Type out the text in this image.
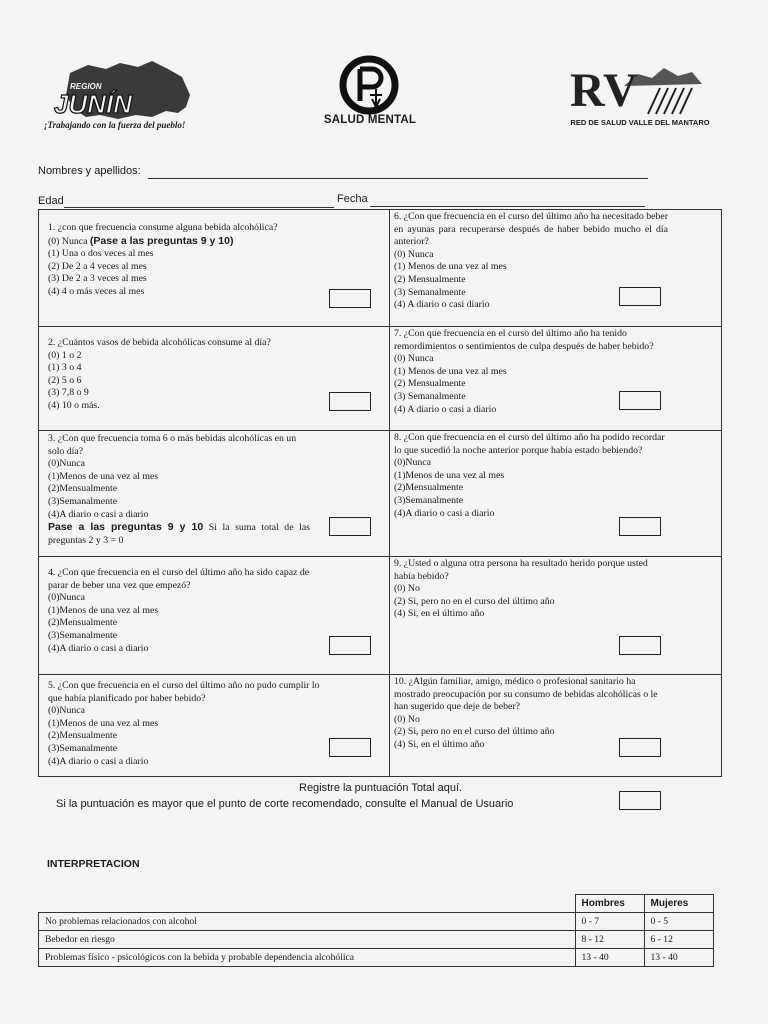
REGION
JUNÍN
¡Trabajando con la fuerza del pueblo!	SALUD MENTAL
RV
RED DE SALUD VALLE DEL MANTARO
Nombres y apellidos:
Edad	Fecha

1. ¿con que frecuencia consume alguna bebida alcohólica?

(0) Nunca (Pase a las preguntas 9 y 10)

(1) Una o dos veces al mes

(2) De 2 a 4 veces al mes

(3) De 2 a 3 veces al mes

(4) 4 o más veces al mes

2. ¿Cuántos vasos de bebida alcohólicas consume al día?

(0) 1 o 2

(1) 3 o 4

(2) 5 o 6

(3) 7,8 o 9

(4) 10 o más.

3. ¿Con que frecuencia toma 6 o más bebidas alcohólicas en un solo día?

(0)Nunca

(1)Menos de una vez al mes

(2)Mensualmente

(3)Semanalmente

(4)A diario o casi a diario

Pase a las preguntas 9 y 10 Si la suma total de las preguntas 2 y 3 = 0

4. ¿Con que frecuencia en el curso del último año ha sido capaz de parar de beber una vez que empezó?

(0)Nunca

(1)Menos de una vez al mes

(2)Mensualmente

(3)Semanalmente

(4)A diario o casi a diario

5. ¿Con que frecuencia en el curso del último año no pudo cumplir lo que había planificado por haber bebido?

(0)Nunca

(1)Menos de una vez al mes

(2)Mensualmente

(3)Semanalmente

(4)A diario o casi a diario

6. ¿Con que frecuencia en el curso del último año ha necesitado beber en ayunas para recuperarse después de haber bebido mucho el día anterior?

(0) Nunca

(1) Menos de una vez al mes

(2) Mensualmente

(3) Semanalmente

(4) A diario o casi diario

7. ¿Con que frecuencia en el curso del último año ha tenido remordimientos o sentimientos de culpa después de haber bebido?

(0) Nunca

(1) Menos de una vez al mes

(2) Mensualmente

(3) Semanalmente

(4) A diario o casi a diario

8. ¿Con que frecuencia en el curso del último año ha podido recordar lo que sucedió la noche anterior porque había estado bebiendo?

(0)Nunca

(1)Menos de una vez al mes

(2)Mensualmente

(3)Semanalmente

(4)A diario o casi a diario

9. ¿Usted o alguna otra persona ha resultado herido porque usted había bebido?

(0) No

(2) Si, pero no en el curso del último año

(4) Si, en el último año

10. ¿Algún familiar, amigo, médico o profesional sanitario ha mostrado preocupación por su consumo de bebidas alcohólicas o le han sugerido que deje de beber?

(0) No

(2) Si, pero no en el curso del último año

(4) Si, en el último año

Registre la puntuación Total aquí.
Si la puntuación es mayor que el punto de corte recomendado, consulte el Manual de Usuario
INTERPRETACION
	Hombres	Mujeres
No problemas relacionados con alcohol	0 - 7	0 - 5
Bebedor en riesgo	8 - 12	6 - 12
Problemas físico - psicológicos con la bebida y probable dependencia alcohólica	13 - 40	13 - 40
